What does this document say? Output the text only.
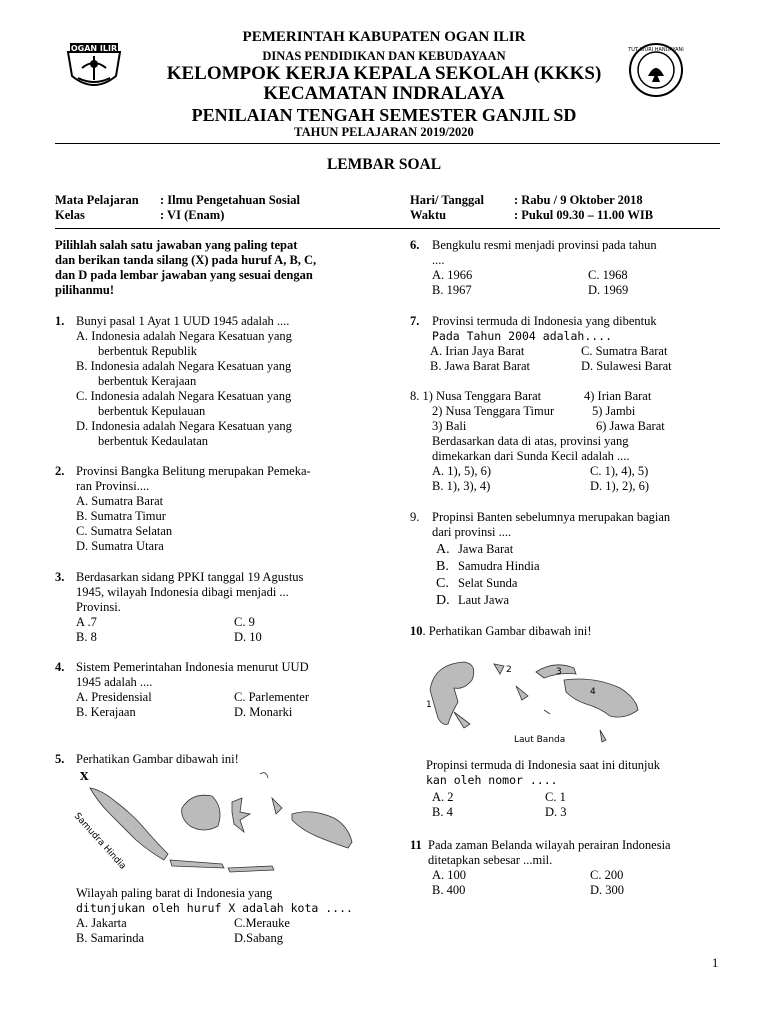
OGAN ILIR	TUT WURI HANDAYANI
PEMERINTAH KABUPATEN OGAN ILIR
DINAS PENDIDIKAN DAN KEBUDAYAAN
KELOMPOK KERJA KEPALA SEKOLAH (KKKS)
KECAMATAN INDRALAYA
PENILAIAN TENGAH SEMESTER GANJIL SD
TAHUN PELAJARAN 2019/2020
LEMBAR SOAL
Mata Pelajaran : Ilmu Pengetahuan Sosial
Kelas	: VI (Enam)
Hari/ Tanggal : Rabu / 9 Oktober 2018
Waktu	: Pukul 09.30 – 11.00 WIB
Pilihlah salah satu jawaban yang paling tepat
dan berikan tanda silang (X) pada huruf A, B, C,
dan D pada lembar jawaban yang sesuai dengan
pilihanmu!
1. Bunyi pasal 1 Ayat 1 UUD 1945 adalah ....
A. Indonesia adalah Negara Kesatuan yang
berbentuk Republik
B. Indonesia adalah Negara Kesatuan yang
berbentuk Kerajaan
C. Indonesia adalah Negara Kesatuan yang
berbentuk Kepulauan
D. Indonesia adalah Negara Kesatuan yang
berbentuk Kedaulatan
2. Provinsi Bangka Belitung merupakan Pemeka-
ran Provinsi....
A. Sumatra Barat
B. Sumatra Timur
C. Sumatra Selatan
D. Sumatra Utara
3. Berdasarkan sidang PPKI tanggal 19 Agustus
1945, wilayah Indonesia dibagi menjadi ...
Provinsi.
A .7	C. 9
B. 8	D. 10
4. Sistem Pemerintahan Indonesia menurut UUD
1945 adalah ....
A. Presidensial	C. Parlementer
B. Kerajaan	D. Monarki
5. Perhatikan Gambar dibawah ini!
X
Samudra Hindia
Wilayah paling barat di Indonesia yang
ditunjukan oleh huruf X adalah kota ....
A. Jakarta	C.Merauke
B. Samarinda	D.Sabang
6. Bengkulu resmi menjadi provinsi pada tahun
....
A. 1966	C. 1968
B. 1967	D. 1969
7. Provinsi termuda di Indonesia yang dibentuk
Pada Tahun 2004 adalah....
A. Irian Jaya Barat	C. Sumatra Barat
B. Jawa Barat Barat	D. Sulawesi Barat
8. 1) Nusa Tenggara Barat	4) Irian Barat
2) Nusa Tenggara Timur	5) Jambi
3) Bali	6) Jawa Barat
Berdasarkan data di atas, provinsi yang
dimekarkan dari Sunda Kecil adalah ....
A. 1), 5), 6)	C. 1), 4), 5)
B. 1), 3), 4)	D. 1), 2), 6)
9. Propinsi Banten sebelumnya merupakan bagian
dari provinsi ....
A. Jawa Barat
B. Samudra Hindia
C. Selat Sunda
D. Laut Jawa
10. Perhatikan Gambar dibawah ini!
1
2	3
4
Laut Banda
Propinsi termuda di Indonesia saat ini ditunjuk
kan oleh nomor ....
A. 2	C. 1
B. 4	D. 3
11 Pada zaman Belanda wilayah perairan Indonesia
ditetapkan sebesar ...mil.
A. 100	C. 200
B. 400	D. 300
1
